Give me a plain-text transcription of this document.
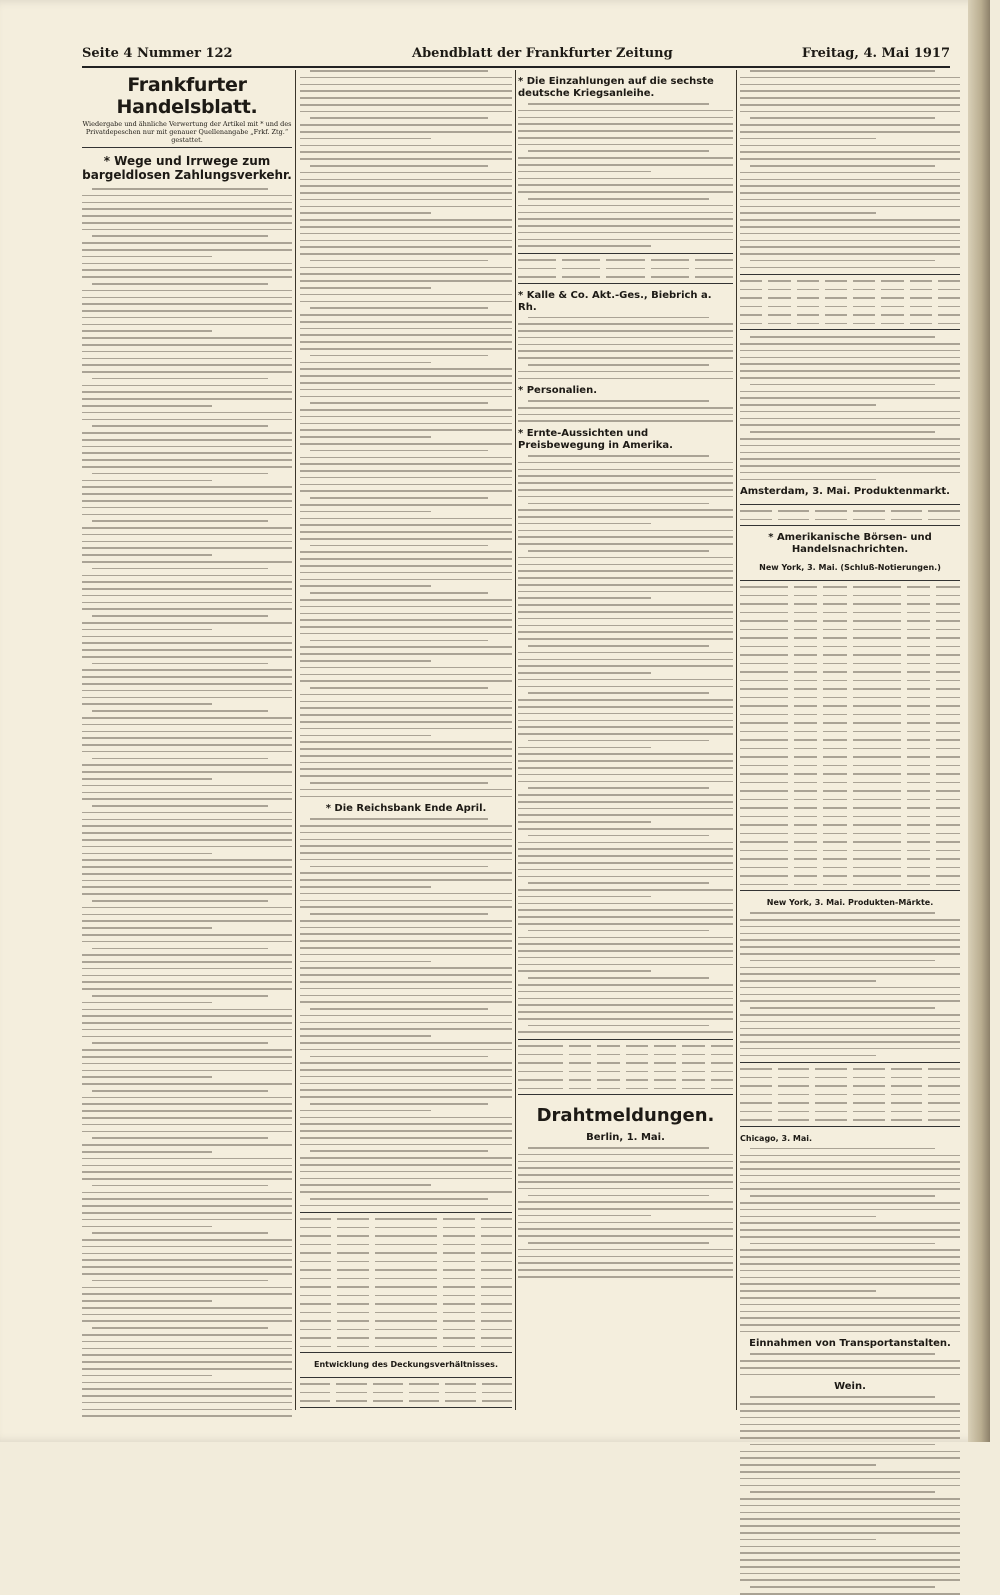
Seite 4 Nummer 122	Abendblatt der Frankfurter Zeitung	Freitag, 4. Mai 1917
Frankfurter Handelsblatt.
Wiedergabe und ähnliche Verwertung der Artikel mit * und des Privatdepeschen nur mit genauer Quellenangabe „Frkf. Ztg.“ gestattet.
* Wege und Irrwege zum bargeldlosen Zahlungsverkehr.
* Die Reichsbank Ende April.
Entwicklung des Deckungsverhältnisses.
* Die Einzahlungen auf die sechste deutsche Kriegsanleihe.
* Kalle & Co. Akt.-Ges., Biebrich a. Rh.
* Personalien.
* Ernte-Aussichten und Preisbewegung in Amerika.
Drahtmeldungen.
Berlin, 1. Mai.
Amsterdam, 3. Mai. Produktenmarkt.
* Amerikanische Börsen- und Handelsnachrichten.
New York, 3. Mai. (Schluß-Notierungen.)
New York, 3. Mai. Produkten-Märkte.
Chicago, 3. Mai.
Einnahmen von Transportanstalten.
Wein.
